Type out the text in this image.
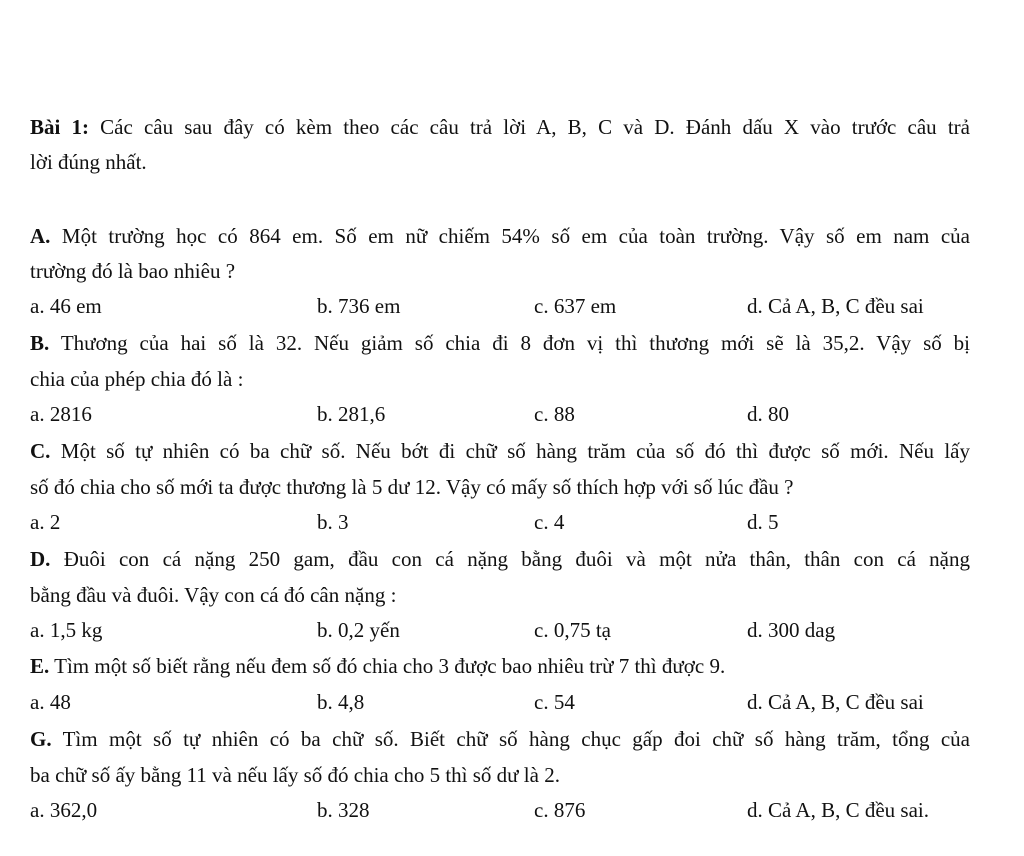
Bài 1: Các câu sau đây có kèm theo các câu trả lời A, B, C và D. Đánh dấu X vào trước câu trả
lời đúng nhất.
A. Một trường học có 864 em. Số em nữ chiếm 54% số em của toàn trường. Vậy số em nam của
trường đó là bao nhiêu ?
a. 46 em	b. 736 em	c. 637 em	d. Cả A, B, C đều sai
B. Thương của hai số là 32. Nếu giảm số chia đi 8 đơn vị thì thương mới sẽ là 35,2. Vậy số bị
chia của phép chia đó là :
a. 2816	b. 281,6	c. 88	d. 80
C. Một số tự nhiên có ba chữ số. Nếu bớt đi chữ số hàng trăm của số đó thì được số mới. Nếu lấy
số đó chia cho số mới ta được thương là 5 dư 12. Vậy có mấy số thích hợp với số lúc đầu ?
a. 2	b. 3	c. 4	d. 5
D. Đuôi con cá nặng 250 gam, đầu con cá nặng bằng đuôi và một nửa thân, thân con cá nặng
bằng đầu và đuôi. Vậy con cá đó cân nặng :
a. 1,5 kg	b. 0,2 yến	c. 0,75 tạ	d. 300 dag
E. Tìm một số biết rằng nếu đem số đó chia cho 3 được bao nhiêu trừ 7 thì được 9.
a. 48	b. 4,8	c. 54	d. Cả A, B, C đều sai
G. Tìm một số tự nhiên có ba chữ số. Biết chữ số hàng chục gấp đoi chữ số hàng trăm, tổng của
ba chữ số ấy bằng 11 và nếu lấy số đó chia cho 5 thì số dư là 2.
a. 362,0	b. 328	c. 876	d. Cả A, B, C đều sai.
